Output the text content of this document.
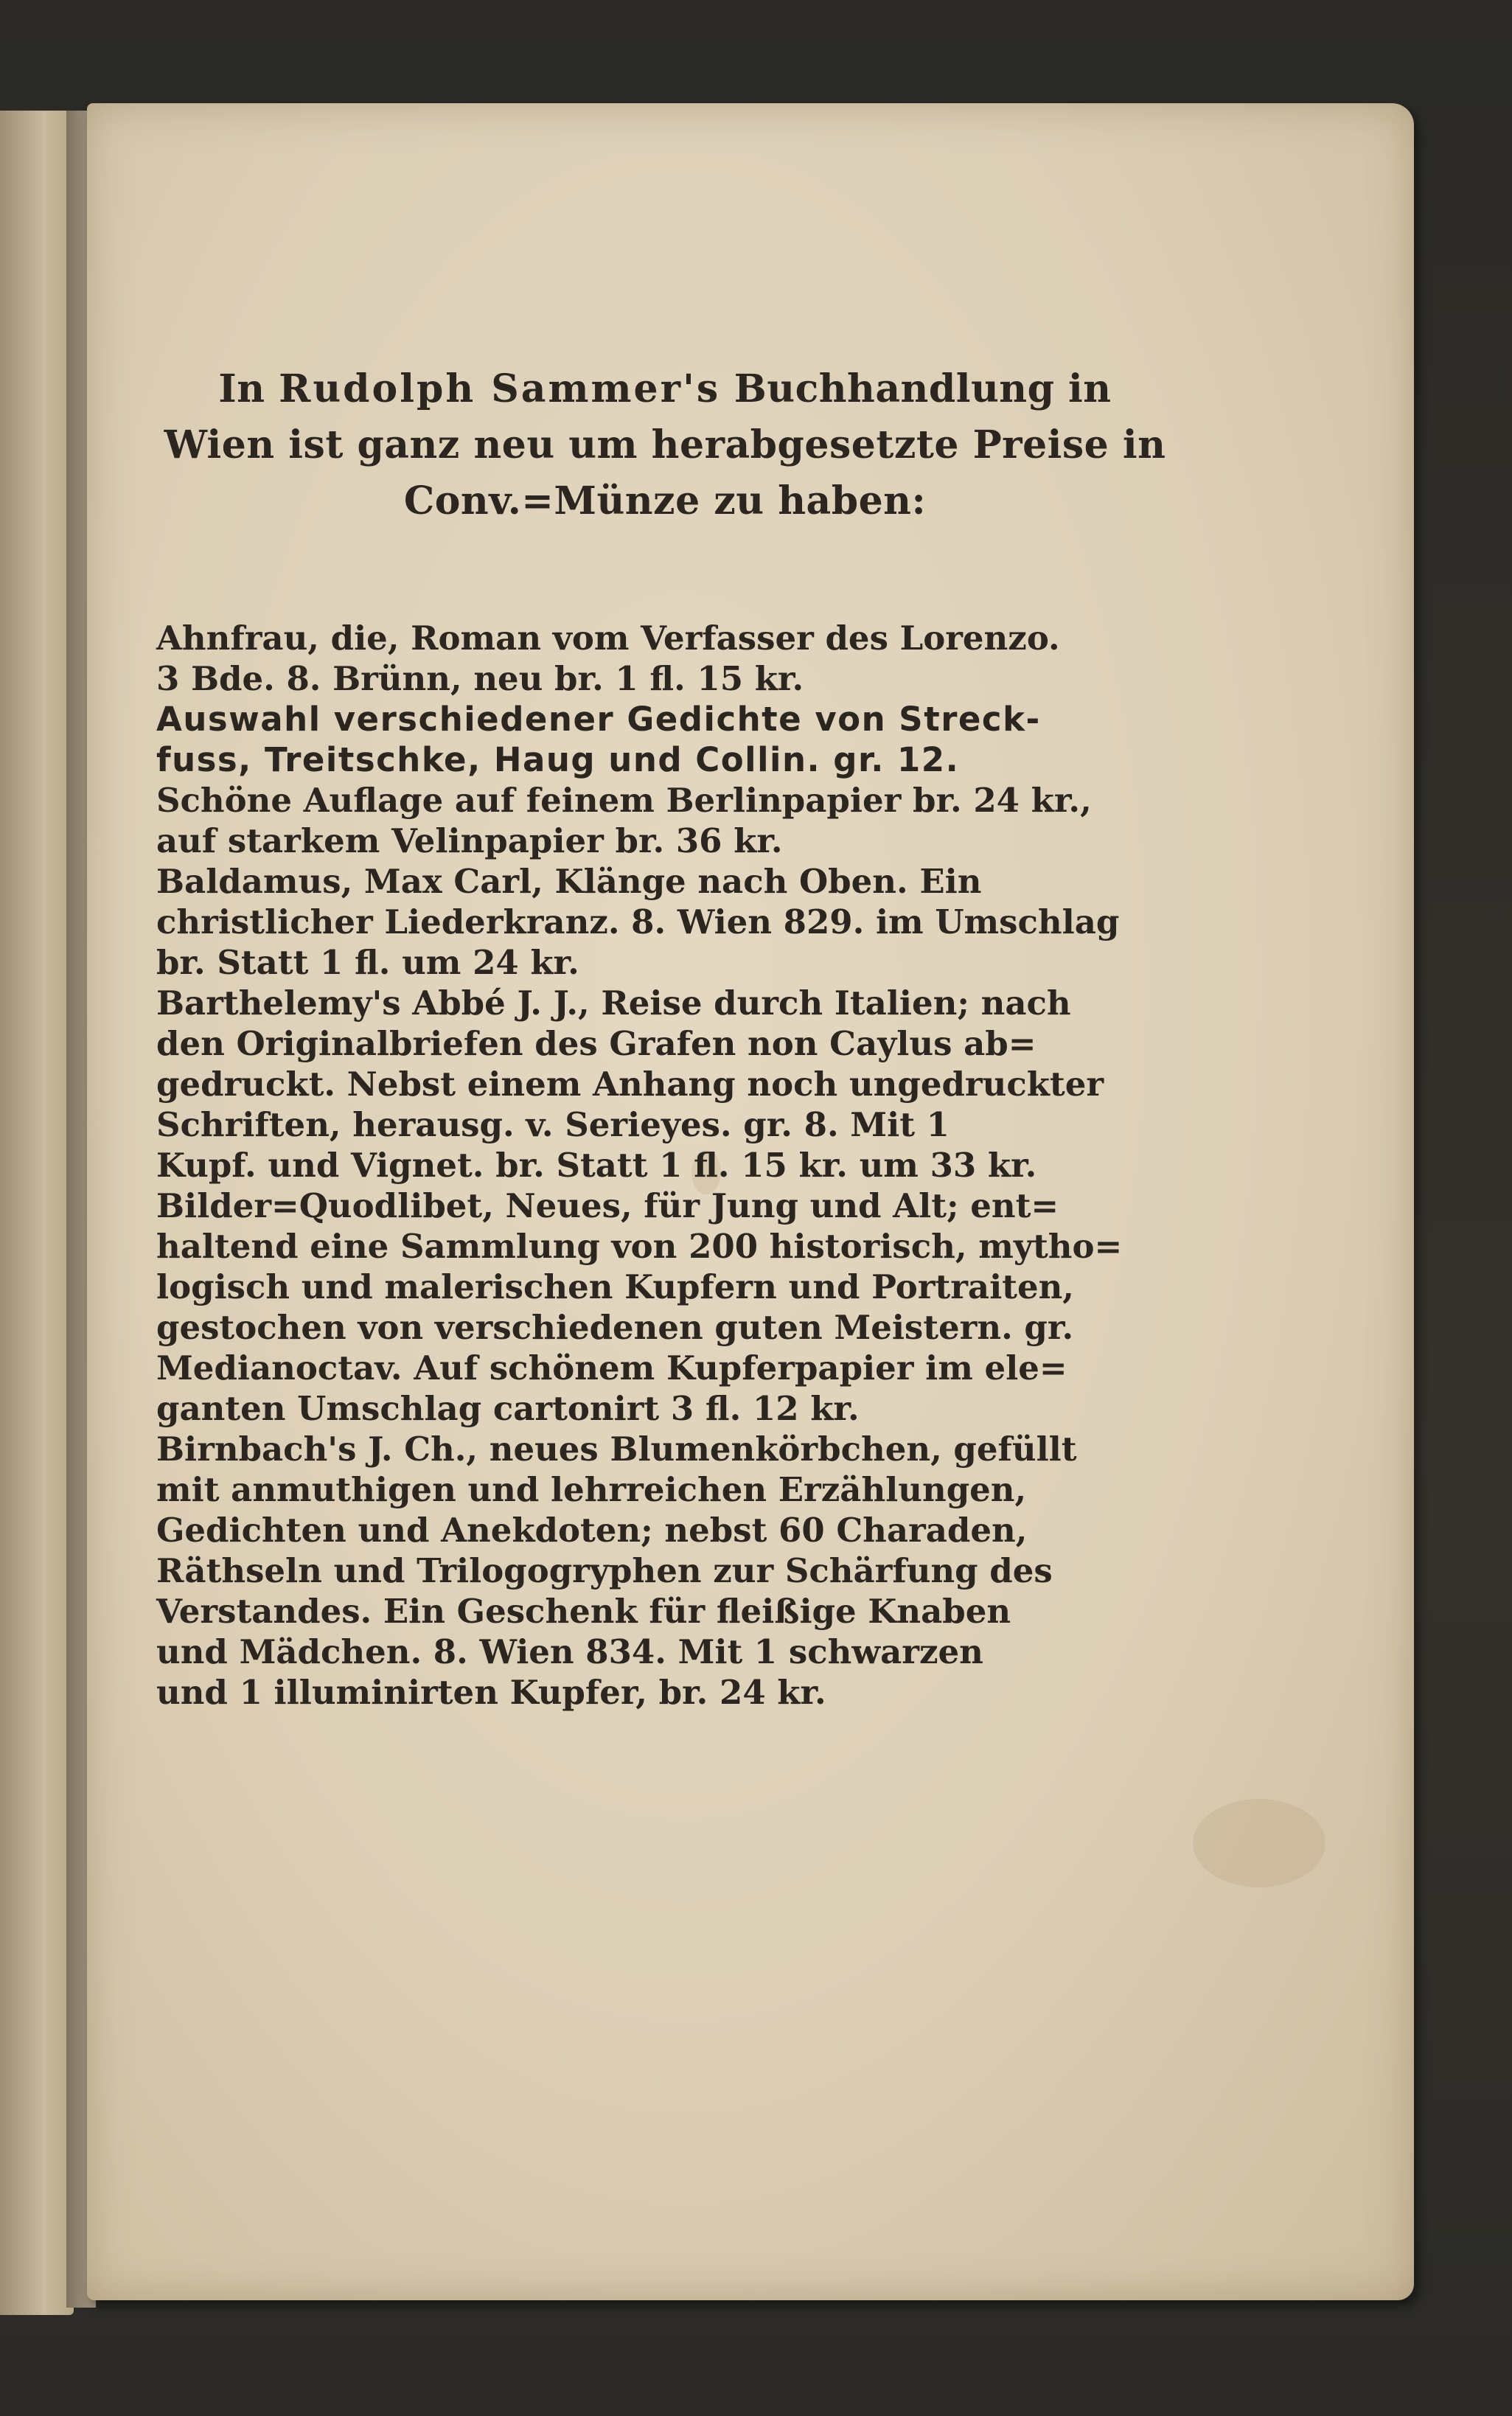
In Rudolph Sammer's Buchhandlung in
Wien ist ganz neu um herabgesetzte Preise in
Conv.=Münze zu haben:

Ahnfrau, die, Roman vom Verfasser des Lorenzo.
3 Bde. 8. Brünn, neu br. 1 fl. 15 kr.

Auswahl verschiedener Gedichte von Streck-
fuss, Treitschke, Haug und Collin. gr. 12.
Schöne Auflage auf feinem Berlinpapier br. 24 kr.,
auf starkem Velinpapier br. 36 kr.

Baldamus, Max Carl, Klänge nach Oben. Ein
christlicher Liederkranz. 8. Wien 829. im Umschlag
br. Statt 1 fl. um 24 kr.

Barthelemy's Abbé J. J., Reise durch Italien; nach
den Originalbriefen des Grafen non Caylus ab=
gedruckt. Nebst einem Anhang noch ungedruckter
Schriften, herausg. v. Serieyes. gr. 8. Mit 1
Kupf. und Vignet. br. Statt 1 fl. 15 kr. um 33 kr.

Bilder=Quodlibet, Neues, für Jung und Alt; ent=
haltend eine Sammlung von 200 historisch, mytho=
logisch und malerischen Kupfern und Portraiten,
gestochen von verschiedenen guten Meistern. gr.
Medianoctav. Auf schönem Kupferpapier im ele=
ganten Umschlag cartonirt 3 fl. 12 kr.

Birnbach's J. Ch., neues Blumenkörbchen, gefüllt
mit anmuthigen und lehrreichen Erzählungen,
Gedichten und Anekdoten; nebst 60 Charaden,
Räthseln und Trilogogryphen zur Schärfung des
Verstandes. Ein Geschenk für fleißige Knaben
und Mädchen. 8. Wien 834. Mit 1 schwarzen
und 1 illuminirten Kupfer, br. 24 kr.
